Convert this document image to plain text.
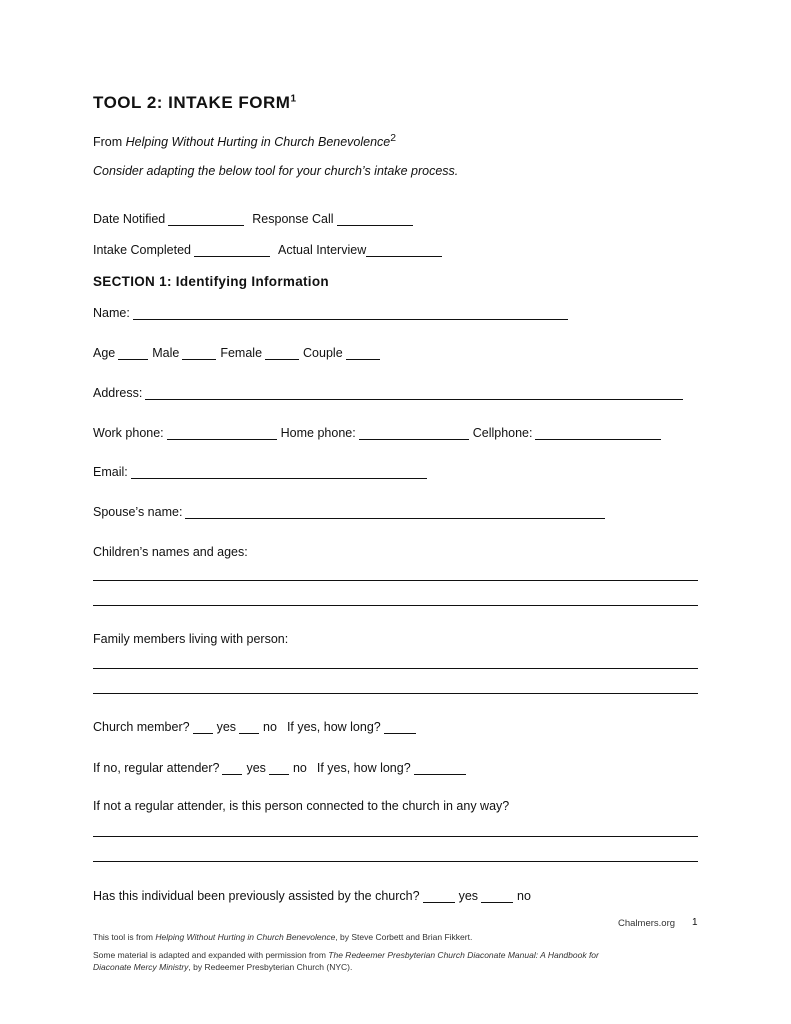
TOOL 2: INTAKE FORM$^1$
From Helping Without Hurting in Church Benevolence$^2$
Consider adapting the below tool for your church’s intake process.
Date Notified	Response Call
Intake Completed	Actual Interview
SECTION 1: Identifying Information
Name:
Age	Male	Female	Couple
Address:
Work phone:	Home phone:	Cellphone:
Email:
Spouse’s name:
Children’s names and ages:
Family members living with person:
Church member? yes no If yes, how long?
If no, regular attender? yes no If yes, how long?
If not a regular attender, is this person connected to the church in any way?
Has this individual been previously assisted by the church?	yes	no
Chalmers.org 1
This tool is from Helping Without Hurting in Church Benevolence, by Steve Corbett and Brian Fikkert.
Some material is adapted and expanded with permission from The Redeemer Presbyterian Church Diaconate Manual: A Handbook for Diaconate Mercy Ministry, by Redeemer Presbyterian Church (NYC).
